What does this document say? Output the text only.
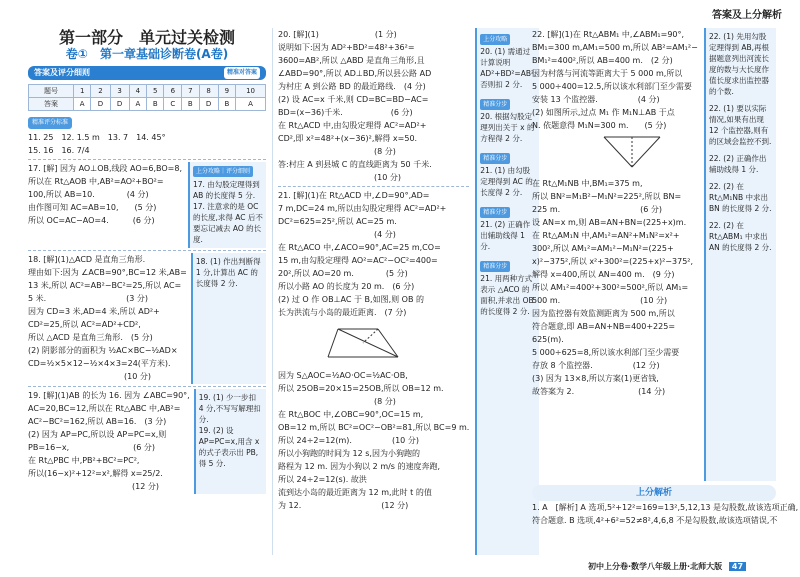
答案及上分解析
第一部分　单元过关检测
卷①　第一章基础诊断卷(A卷)
答案及评分细则	精准对答案
题号	1	2	3	4	5	6	7	8	9	10
答案	A	D	D	A	B	C	B	D	B	A
精准评分标准
11. 25　12. 1.5 m　13. 7　14. 45°
15. 16　16. 7/4
17. [解] 因为 AO⊥OB,线段 AO=6,BO=8,
所以在 Rt△AOB 中,AB²=AO²+BO²=
100,所以 AB=10.　　　　(4 分)
由作图可知 AC=AB=10,　　(5 分)
所以 OC=AC−AO=4.　　　(6 分)
上分攻略｜评分细则
17. 由勾股定理得到 AB 的长度得 5 分.
17. 注意求的是 OC 的长度,求得 AC 后不要忘记减去 AO 的长度.
18. [解](1)△ACD 是直角三角形.
理由如下:因为 ∠ACB=90°,BC=12 米,AB=
13 米,所以 AC²=AB²−BC²=25,所以 AC=
5 米.　　　　　　　　　　(3 分)
因为 CD=3 米,AD=4 米,所以 AD²+
CD²=25,所以 AC²=AD²+CD²,
所以 △ACD 是直角三角形.　(5 分)
(2) 阴影部分的面积为 ½AC×BC−½AD×
CD=½×5×12−½×4×3=24(平方米).
　　　　　　　　　　　　(10 分)
18. (1) 作出判断得 1 分,计算出 AC 的长度得 2 分.
19. [解](1)AB 的长为 16. 因为 ∠ABC=90°,
AC=20,BC=12,所以在 Rt△ABC 中,AB²=
AC²−BC²=162,所以 AB=16.　(3 分)
(2) 因为 AP=PC,所以设 AP=PC=x,则
PB=16−x,　　　　　　　　(6 分)
在 Rt△PBC 中,PB²+BC²=PC²,
所以(16−x)²+12²=x²,解得 x=25/2.
　　　　　　　　　　　　　(12 分)
19. (1) 少一步扣 4 分,不写写解理扣分.
19. (2) 设 AP=PC=x,用含 x 的式子表示出 PB,得 5 分.
20. [解](1)　　　　　　　(1 分)
说明如下:因为 AD²+BD²=48²+36²=
3600=AB²,所以 △ABD 是直角三角形,且
∠ABD=90°,所以 AD⊥BD,所以县公路 AD
为村庄 A 到公路 BD 的最近路线.　(4 分)
(2) 设 AC=x 千米,则 CD=BC=BD−AC=
BD=(x−36)千米.　　　　　　(6 分)
在 Rt△ACD 中,由勾股定理得 AC²=AD²+
CD²,即 x²=48²+(x−36)²,解得 x=50.
　　　　　　　　　　　　(8 分)
答:村庄 A 到县城 C 的直线距离为 50 千米.
　　　　　　　　　　　　(10 分)
21. [解](1)在 Rt△ACD 中,∠D=90°,AD=
7 m,DC=24 m,所以由勾股定理得 AC²=AD²+
DC²=625=25²,所以 AC=25 m.
　　　　　　　　　　　　(4 分)
在 Rt△ACO 中,∠ACO=90°,AC=25 m,CO=
15 m,由勾股定理得 AO²=AC²−OC²=400=
20²,所以 AO=20 m.　　　　(5 分)
所以小路 AO 的长度为 20 m.　(6 分)
(2) 过 O 作 OB⊥AC 于 B,如图,则 OB 的
长为洪流与小岛的最近距离.　(7 分)
因为 S△AOC=½AO·OC=½AC·OB,
所以 25OB=20×15=25OB,所以 OB=12 m.
　　　　　　　　　　　　(8 分)
在 Rt△BOC 中,∠OBC=90°,OC=15 m,
OB=12 m,所以 BC²=OC²−OB²=81,所以 BC=9 m.
所以 24÷2=12(m).　　　　　(10 分)
所以小狗跑的时间为 12 s,因为小狗跑的
路程为 12 m. 因为小狗以 2 m/s 的速度奔跑,
所以 24÷2=12(s). 故洪
流到达小岛的最近距离为 12 m,此时 t 的值
为 12.　　　　　　　　　　(12 分)
上分攻略
20. (1) 需通过计算说明 AD²+BD²=AB²,否则扣 2 分.
精准分步
20. 根据勾股定理列出关于 x 的方程得 2 分.
精准分步
21. (1) 由勾股定理得到 AC 的长度得 2 分.
精准分步
21. (2) 正确作出辅助线得 1 分.
精准分步
21. 用两种方式表示 △ACO 的面积,并求出 OB 的长度得 2 分.
22. [解](1)在 Rt△ABM₁ 中,∠ABM₁=90°,
BM₁=300 m,AM₁=500 m,所以 AB²=AM₁²−
BM₁²=400²,所以 AB=400 m.　(2 分)
因为村落与河流等距离大于 5 000 m,所以
5 000÷400=12.5,所以该水利部门至少需要
安装 13 个监控器.　　　　　(4 分)
(2) 如图所示,过点 M₁ 作 M₁N⊥AB 于点
N. 依题意得 M₁N=300 m.　　(5 分)
在 Rt△M₁NB 中,BM₁=375 m,
所以 BN²=M₁B²−M₁N²=225²,所以 BN=
225 m.　　　　　　　　　　(6 分)
设 AN=x m,则 AB=AN+BN=(225+x)m.
在 Rt△AM₁N 中,AM₁²=AN²+M₁N²=x²+
300²,所以 AM₁²=AM₁²−M₁N²=(225+
x)²−375²,所以 x²+300²=(225+x)²−375²,
解得 x=400,所以 AN=400 m.　(9 分)
所以 AM₁²=400²+300²=500²,所以 AM₁=
500 m.　　　　　　　　　　(10 分)
因为监控器有效监测距离为 500 m,所以
符合题意,即 AB=AN+NB=400+225=
625(m).
5 000÷625=8,所以该水利部门至少需要
存放 8 个监控器.　　　　　(12 分)
(3) 因为 13×8,所以方案(1)更省钱,
故答案为 2.　　　　　　　　(14 分)
22. (1) 先用勾股定理得到 AB,再根据题意列出河流长度的数与大长度作值长度求出监控器的个数.
22. (1) 要以实际情况,如果有出现 12 个监控器,则有的区域会监控不到.
22. (2) 正确作出辅助线得 1 分.
22. (2) 在 Rt△M₁NB 中求出 BN 的长度得 2 分.
22. (2) 在 Rt△ABM₁ 中求出 AN 的长度得 2 分.
上分解析
1. A　[解析] A 选项,5²+12²=169=13²,5,12,13 是勾股数,故该选项正确,
符合题意. B 选项,4²+6²=52≠8²,4,6,8 不是勾股数,故该选项错误,不
初中上分卷·数学八年级上册·北师大版 47
